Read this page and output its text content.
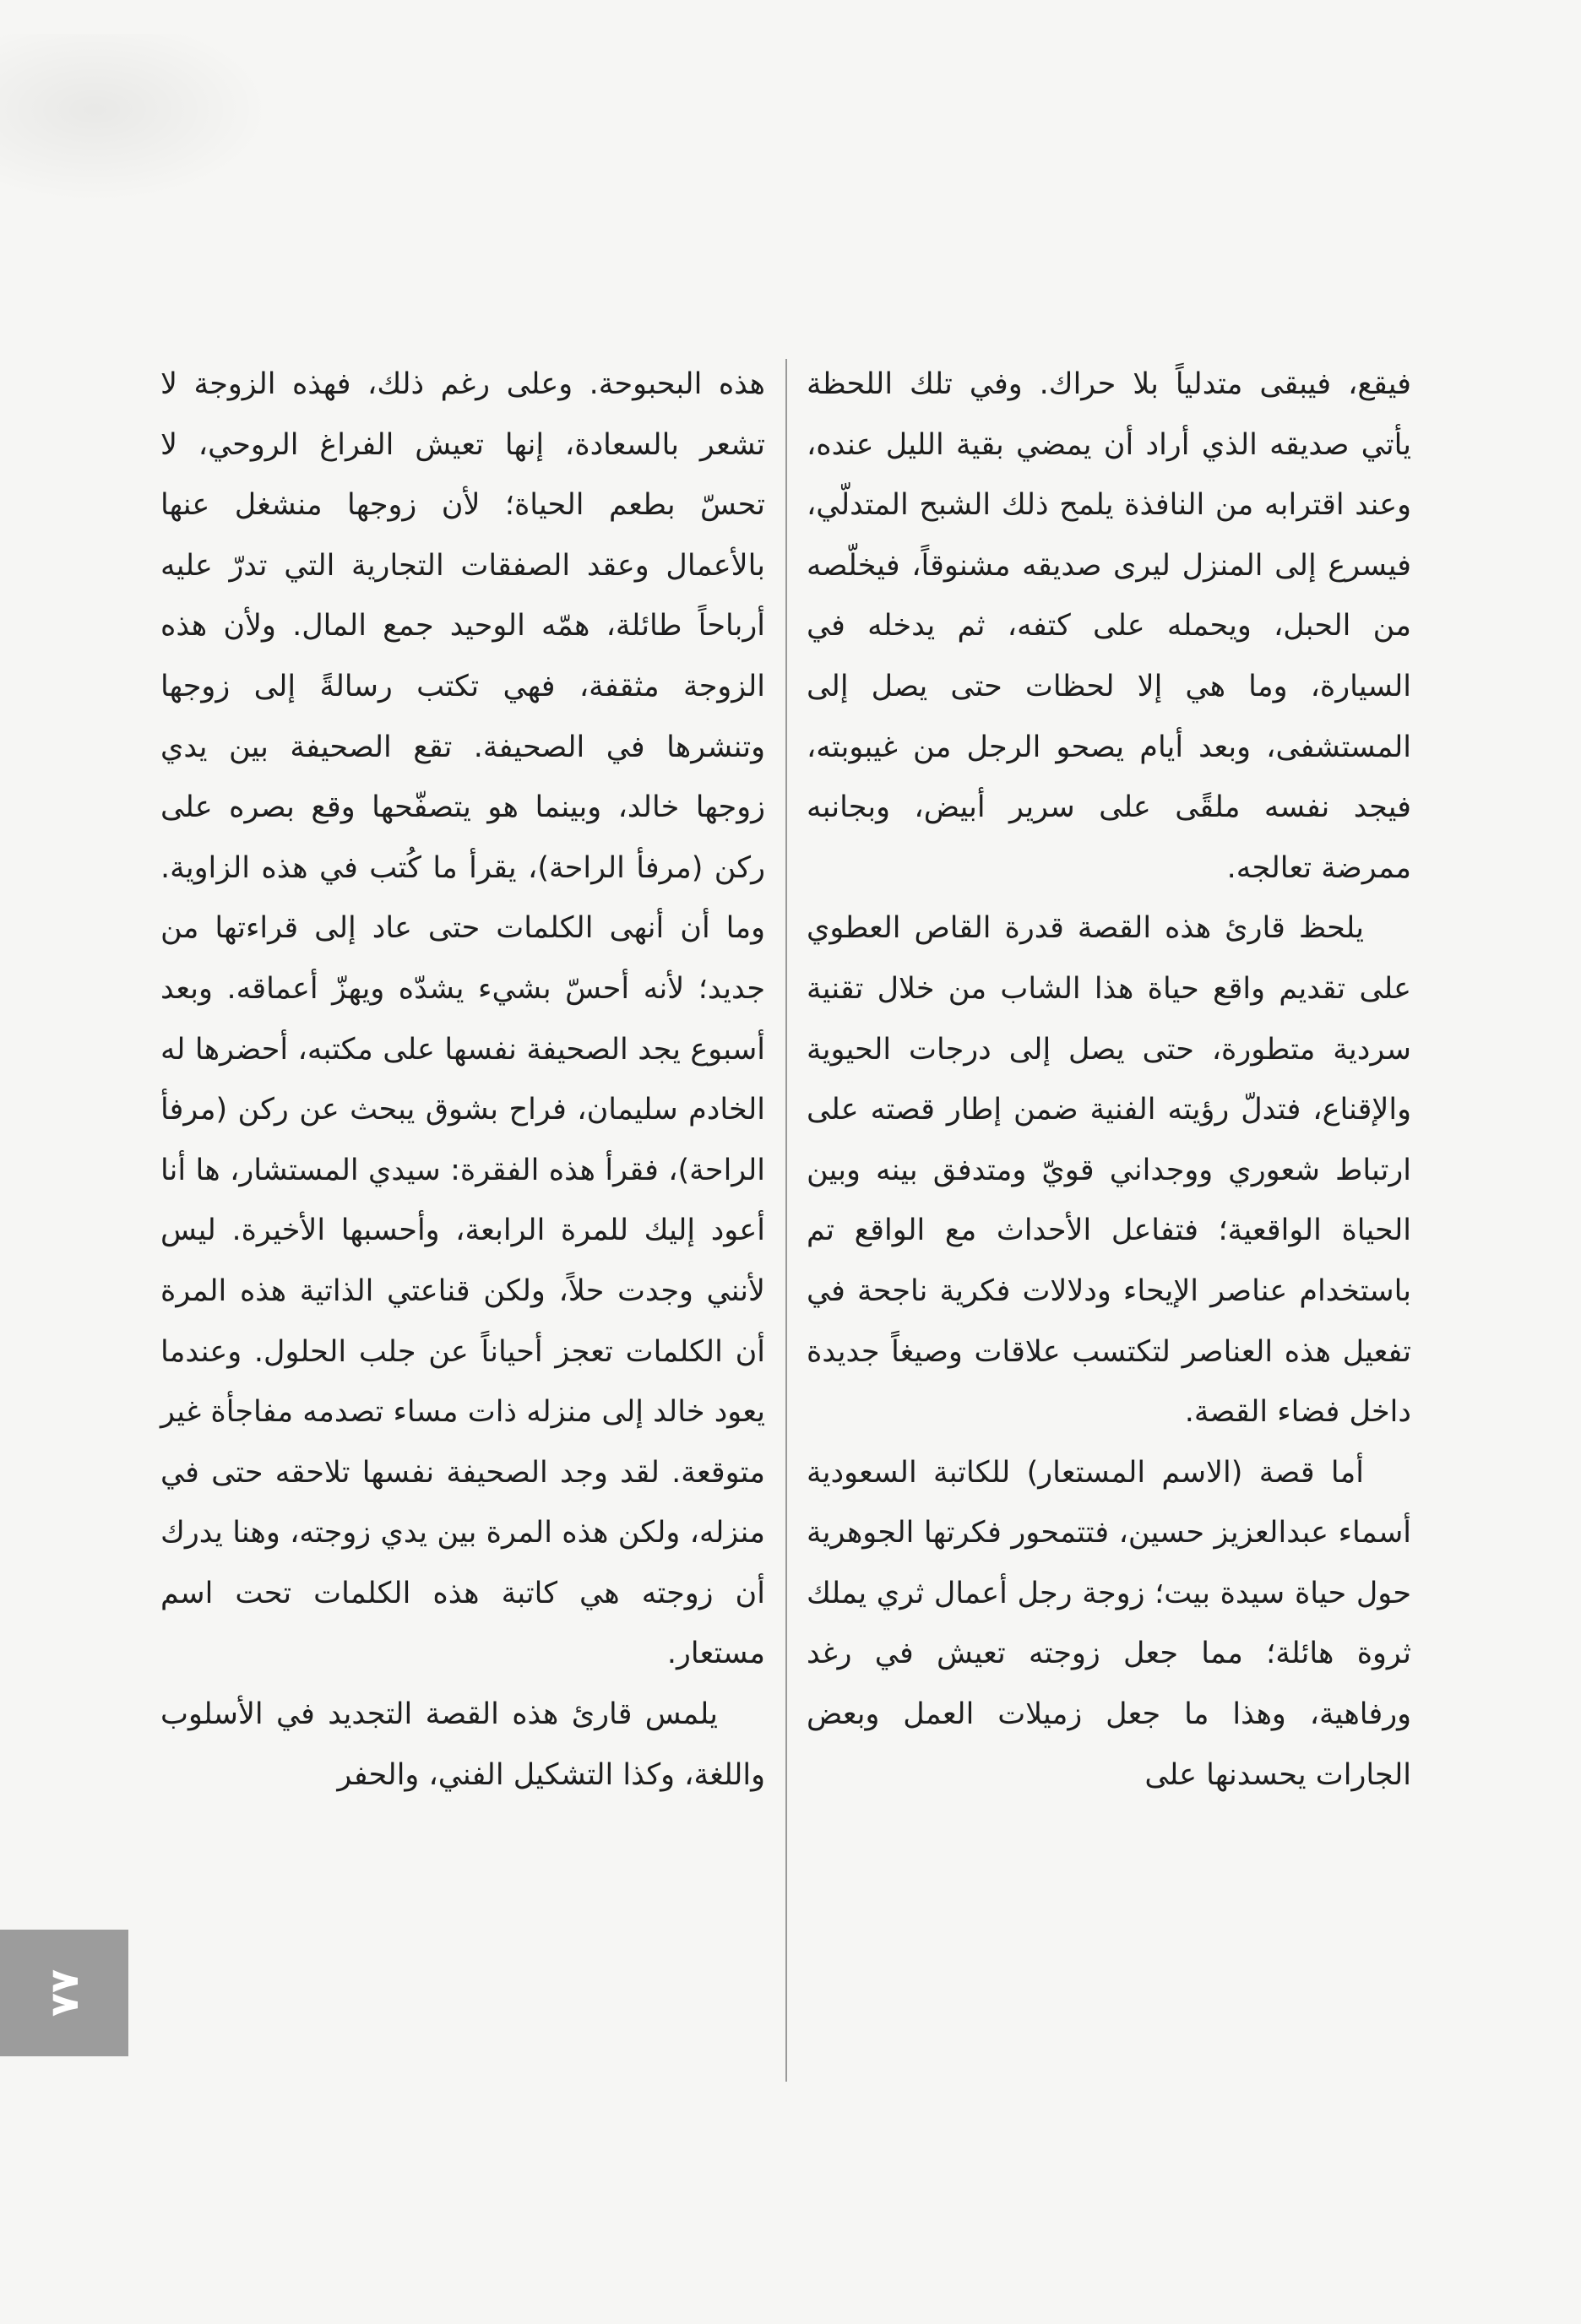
فيقع، فيبقى متدلياً بلا حراك. وفي تلك اللحظة يأتي صديقه الذي أراد أن يمضي بقية الليل عنده، وعند اقترابه من النافذة يلمح ذلك الشبح المتدلّي، فيسرع إلى المنزل ليرى صديقه مشنوقاً، فيخلّصه من الحبل، ويحمله على كتفه، ثم يدخله في السيارة، وما هي إلا لحظات حتى يصل إلى المستشفى، وبعد أيام يصحو الرجل من غيبوبته، فيجد نفسه ملقًى على سرير أبيض، وبجانبه ممرضة تعالجه.

يلحظ قارئ هذه القصة قدرة القاص العطوي على تقديم واقع حياة هذا الشاب من خلال تقنية سردية متطورة، حتى يصل إلى درجات الحيوية والإقناع، فتدلّ رؤيته الفنية ضمن إطار قصته على ارتباط شعوري ووجداني قويّ ومتدفق بينه وبين الحياة الواقعية؛ فتفاعل الأحداث مع الواقع تم باستخدام عناصر الإيحاء ودلالات فكرية ناجحة في تفعيل هذه العناصر لتكتسب علاقات وصيغاً جديدة داخل فضاء القصة.

أما قصة (الاسم المستعار) للكاتبة السعودية أسماء عبدالعزيز حسين، فتتمحور فكرتها الجوهرية حول حياة سيدة بيت؛ زوجة رجل أعمال ثري يملك ثروة هائلة؛ مما جعل زوجته تعيش في رغد ورفاهية، وهذا ما جعل زميلات العمل وبعض الجارات يحسدنها على

هذه البحبوحة. وعلى رغم ذلك، فهذه الزوجة لا تشعر بالسعادة، إنها تعيش الفراغ الروحي، لا تحسّ بطعم الحياة؛ لأن زوجها منشغل عنها بالأعمال وعقد الصفقات التجارية التي تدرّ عليه أرباحاً طائلة، همّه الوحيد جمع المال. ولأن هذه الزوجة مثقفة، فهي تكتب رسالةً إلى زوجها وتنشرها في الصحيفة. تقع الصحيفة بين يدي زوجها خالد، وبينما هو يتصفّحها وقع بصره على ركن (مرفأ الراحة)، يقرأ ما كُتب في هذه الزاوية. وما أن أنهى الكلمات حتى عاد إلى قراءتها من جديد؛ لأنه أحسّ بشيء يشدّه ويهزّ أعماقه. وبعد أسبوع يجد الصحيفة نفسها على مكتبه، أحضرها له الخادم سليمان، فراح بشوق يبحث عن ركن (مرفأ الراحة)، فقرأ هذه الفقرة: سيدي المستشار، ها أنا أعود إليك للمرة الرابعة، وأحسبها الأخيرة. ليس لأنني وجدت حلاً، ولكن قناعتي الذاتية هذه المرة أن الكلمات تعجز أحياناً عن جلب الحلول. وعندما يعود خالد إلى منزله ذات مساء تصدمه مفاجأة غير متوقعة. لقد وجد الصحيفة نفسها تلاحقه حتى في منزله، ولكن هذه المرة بين يدي زوجته، وهنا يدرك أن زوجته هي كاتبة هذه الكلمات تحت اسم مستعار.

يلمس قارئ هذه القصة التجديد في الأسلوب واللغة، وكذا التشكيل الفني، والحفر

٧٧
